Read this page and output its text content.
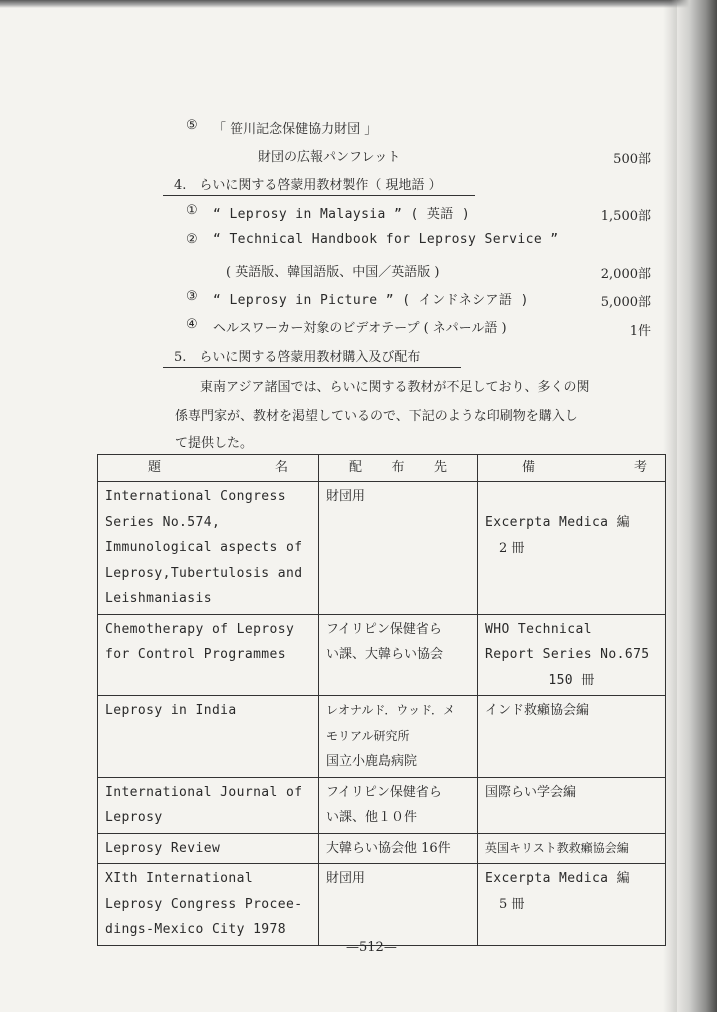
⑤ 「 笹川記念保健協力財団 」
財団の広報パンフレット	500部
4.　らいに関する啓蒙用教材製作（ 現地語 ）
① “ Leprosy in Malaysia ” ( 英語 )	1,500部
② “ Technical Handbook for Leprosy Service ”
( 英語版、韓国語版、中国／英語版 )	2,000部
③ “ Leprosy in Picture ” ( インドネシア語 )	5,000部
④ ヘルスワーカー対象のビデオテープ ( ネパール語 )	1件
5.　らいに関する啓蒙用教材購入及び配布
東南アジア諸国では、らいに関する教材が不足しており、多くの関
係専門家が、教材を渇望しているので、下記のような印刷物を購入し
て提供した。
題 名	配 布 先	備 考

International Congress
Series No.574,
Immunological aspects of
Leprosy,Tubertulosis and
Leishmaniasis	財団用	Excerpta Medica 編
2 冊
Chemotherapy of Leprosy
for Control Programmes	フイリピン保健省ら
い課、大韓らい協会	WHO Technical
Report Series No.675

150 冊

Leprosy in India	レオナルド．ウッド．メ
モリアル研究所
国立小鹿島病院	インド救癩協会編
International Journal of
Leprosy	フイリピン保健省ら
い課、他１０件	国際らい学会編
Leprosy Review	大韓らい協会他 16件	英国キリスト教救癩協会編
XIth International
Leprosy Congress Procee-
dings-Mexico City 1978	財団用	Excerpta Medica 編
5 冊
—512—
